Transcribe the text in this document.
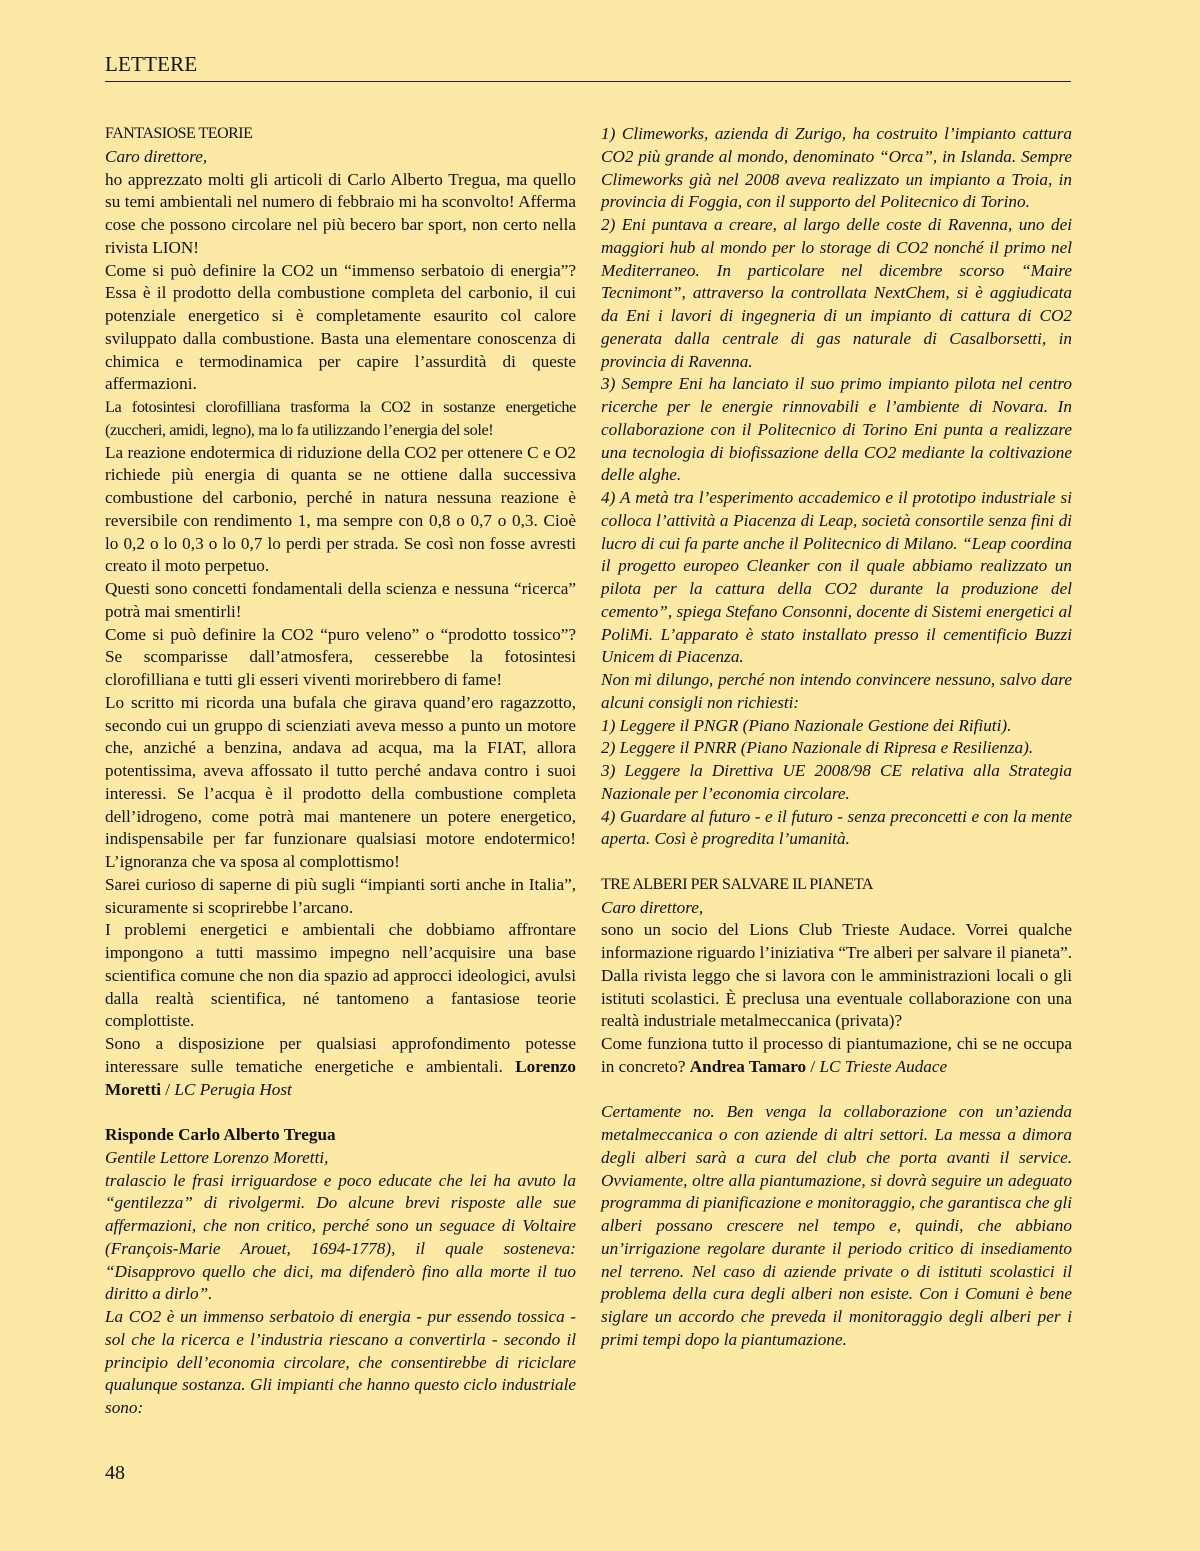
LETTERE

FANTASIOSE TEORIE

Caro direttore,

ho apprezzato molti gli articoli di Carlo Alberto Tregua, ma quello su temi ambientali nel numero di febbraio mi ha sconvolto! Afferma cose che possono circolare nel più becero bar sport, non certo nella rivista LION!

Come si può definire la CO2 un “immenso serbatoio di energia”? Essa è il prodotto della combustione completa del carbonio, il cui potenziale energetico si è completamente esaurito col calore sviluppato dalla combustione. Basta una elementare conoscenza di chimica e termodinamica per capire l’assurdità di queste affermazioni.

La fotosintesi clorofilliana trasforma la CO2 in sostanze energetiche (zuccheri, amidi, legno), ma lo fa utilizzando l’energia del sole!

La reazione endotermica di riduzione della CO2 per ottenere C e O2 richiede più energia di quanta se ne ottiene dalla successiva combustione del carbonio, perché in natura nessuna reazione è reversibile con rendimento 1, ma sempre con 0,8 o 0,7 o 0,3. Cioè lo 0,2 o lo 0,3 o lo 0,7 lo perdi per strada. Se così non fosse avresti creato il moto perpetuo.

Questi sono concetti fondamentali della scienza e nessuna “ricerca” potrà mai smentirli!

Come si può definire la CO2 “puro veleno” o “prodotto tossico”? Se scomparisse dall’atmosfera, cesserebbe la fotosintesi clorofilliana e tutti gli esseri viventi morirebbero di fame!

Lo scritto mi ricorda una bufala che girava quand’ero ragazzotto, secondo cui un gruppo di scienziati aveva messo a punto un motore che, anziché a benzina, andava ad acqua, ma la FIAT, allora potentissima, aveva affossato il tutto perché andava contro i suoi interessi. Se l’acqua è il prodotto della combustione completa dell’idrogeno, come potrà mai mantenere un potere energetico, indispensabile per far funzionare qualsiasi motore endotermico! L’ignoranza che va sposa al complottismo!

Sarei curioso di saperne di più sugli “impianti sorti anche in Italia”, sicuramente si scoprirebbe l’arcano.

I problemi energetici e ambientali che dobbiamo affrontare impongono a tutti massimo impegno nell’acquisire una base scientifica comune che non dia spazio ad approcci ideologici, avulsi dalla realtà scientifica, né tantomeno a fantasiose teorie complottiste.

Sono a disposizione per qualsiasi approfondimento potesse interessare sulle tematiche energetiche e ambientali. Lorenzo Moretti / LC Perugia Host

Risponde Carlo Alberto Tregua

Gentile Lettore Lorenzo Moretti,

tralascio le frasi irriguardose e poco educate che lei ha avuto la “gentilezza” di rivolgermi. Do alcune brevi risposte alle sue affermazioni, che non critico, perché sono un seguace di Voltaire (François-Marie Arouet, 1694-1778), il quale sosteneva: “Disapprovo quello che dici, ma difenderò fino alla morte il tuo diritto a dirlo”.

La CO2 è un immenso serbatoio di energia - pur essendo tossica - sol che la ricerca e l’industria riescano a convertirla - secondo il principio dell’economia circolare, che consentirebbe di riciclare qualunque sostanza. Gli impianti che hanno questo ciclo industriale sono:

1) Climeworks, azienda di Zurigo, ha costruito l’impianto cattura CO2 più grande al mondo, denominato “Orca”, in Islanda. Sempre Climeworks già nel 2008 aveva realizzato un impianto a Troia, in provincia di Foggia, con il supporto del Politecnico di Torino.

2) Eni puntava a creare, al largo delle coste di Ravenna, uno dei maggiori hub al mondo per lo storage di CO2 nonché il primo nel Mediterraneo. In particolare nel dicembre scorso “Maire Tecnimont”, attraverso la controllata NextChem, si è aggiudicata da Eni i lavori di ingegneria di un impianto di cattura di CO2 generata dalla centrale di gas naturale di Casalborsetti, in provincia di Ravenna.

3) Sempre Eni ha lanciato il suo primo impianto pilota nel centro ricerche per le energie rinnovabili e l’ambiente di Novara. In collaborazione con il Politecnico di Torino Eni punta a realizzare una tecnologia di biofissazione della CO2 mediante la coltivazione delle alghe.

4) A metà tra l’esperimento accademico e il prototipo industriale si colloca l’attività a Piacenza di Leap, società consortile senza fini di lucro di cui fa parte anche il Politecnico di Milano. “Leap coordina il progetto europeo Cleanker con il quale abbiamo realizzato un pilota per la cattura della CO2 durante la produzione del cemento”, spiega Stefano Consonni, docente di Sistemi energetici al PoliMi. L’apparato è stato installato presso il cementificio Buzzi Unicem di Piacenza.

Non mi dilungo, perché non intendo convincere nessuno, salvo dare alcuni consigli non richiesti:

1) Leggere il PNGR (Piano Nazionale Gestione dei Rifiuti).

2) Leggere il PNRR (Piano Nazionale di Ripresa e Resilienza).

3) Leggere la Direttiva UE 2008/98 CE relativa alla Strategia Nazionale per l’economia circolare.

4) Guardare al futuro - e il futuro - senza preconcetti e con la mente aperta. Così è progredita l’umanità.

TRE ALBERI PER SALVARE IL PIANETA

Caro direttore,

sono un socio del Lions Club Trieste Audace. Vorrei qualche informazione riguardo l’iniziativa “Tre alberi per salvare il pianeta”. Dalla rivista leggo che si lavora con le amministrazioni locali o gli istituti scolastici. È preclusa una eventuale collaborazione con una realtà industriale metalmeccanica (privata)?

Come funziona tutto il processo di piantumazione, chi se ne occupa in concreto? Andrea Tamaro / LC Trieste Audace

Certamente no. Ben venga la collaborazione con un’azienda metalmeccanica o con aziende di altri settori. La messa a dimora degli alberi sarà a cura del club che porta avanti il service. Ovviamente, oltre alla piantumazione, si dovrà seguire un adeguato programma di pianificazione e monitoraggio, che garantisca che gli alberi possano crescere nel tempo e, quindi, che abbiano un’irrigazione regolare durante il periodo critico di insediamento nel terreno. Nel caso di aziende private o di istituti scolastici il problema della cura degli alberi non esiste. Con i Comuni è bene siglare un accordo che preveda il monitoraggio degli alberi per i primi tempi dopo la piantumazione.

48
